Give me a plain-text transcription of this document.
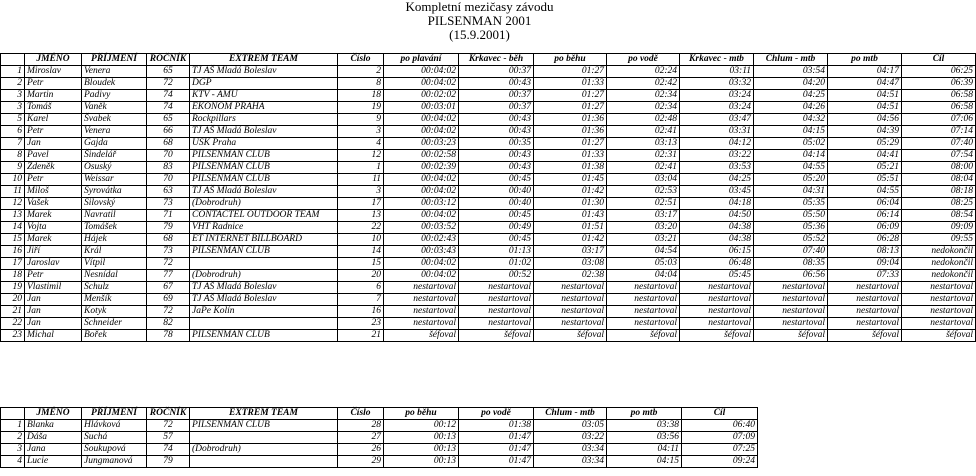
Kompletní mezičasy závodu
PILSENMAN 2001
(15.9.2001)
	JMÉNO	PŘÍJMENÍ	ROČNÍK	EXTREM TEAM	Číslo	po plavání	Krkavec - běh	po běhu	po vodě	Krkavec - mtb	Chlum - mtb	po mtb	Cíl
1	Miroslav	Venera	65	TJ AŠ Mladá Boleslav	2	00:04:02	00:37	01:27	02:24	03:11	03:54	04:17	06:25
2	Petr	Bloudek	72	DGP	8	00:04:02	00:43	01:33	02:42	03:32	04:20	04:47	06:39
3	Martin	Padivy	74	KTV - AMU	18	00:02:02	00:37	01:27	02:34	03:24	04:25	04:51	06:58
3	Tomáš	Vaněk	74	EKONOM PRAHA	19	00:03:01	00:37	01:27	02:34	03:24	04:26	04:51	06:58
5	Karel	Švabek	65	Rockpillars	9	00:04:02	00:43	01:36	02:48	03:47	04:32	04:56	07:06
6	Petr	Venera	66	TJ AŠ Mladá Boleslav	3	00:04:02	00:43	01:36	02:41	03:31	04:15	04:39	07:14
7	Jan	Gajda	68	USK Praha	4	00:03:23	00:35	01:27	03:13	04:12	05:02	05:29	07:40
8	Pavel	Šindelář	70	PILSENMAN CLUB	12	00:02:58	00:43	01:33	02:31	03:22	04:14	04:41	07:54
9	Zdeněk	Osuský	83	PILSENMAN CLUB	1	00:02:39	00:43	01:38	02:41	03:53	04:55	05:21	08:00
10	Petr	Weissar	70	PILSENMAN CLUB	11	00:04:02	00:45	01:45	03:04	04:25	05:20	05:51	08:04
11	Miloš	Syrovátka	63	TJ AŠ Mladá Boleslav	3	00:04:02	00:40	01:42	02:53	03:45	04:31	04:55	08:18
12	Vašek	Silovský	73	(Dobrodruh)	17	00:03:12	00:40	01:30	02:51	04:18	05:35	06:04	08:25
13	Marek	Navratil	71	CONTACTEL OUTDOOR TEAM	13	00:04:02	00:45	01:43	03:17	04:50	05:50	06:14	08:54
14	Vojta	Tomášek	79	VHT Radnice	22	00:03:52	00:49	01:51	03:20	04:38	05:36	06:09	09:09
15	Marek	Hájek	68	ET INTERNET BILLBOARD	10	00:02:43	00:45	01:42	03:21	04:38	05:52	06:28	09:55
16	Jiří	Král	73	PILSENMAN CLUB	14	00:03:43	01:13	03:17	04:54	06:15	07:40	08:13	nedokončil
17	Jaroslav	Vítpil	72		15	00:04:02	01:02	03:08	05:03	06:48	08:35	09:04	nedokončil
18	Petr	Nesnídal	77	(Dobrodruh)	20	00:04:02	00:52	02:38	04:04	05:45	06:56	07:33	nedokončil
19	Vlastimil	Schulz	67	TJ AŠ Mladá Boleslav	6	nestartoval	nestartoval	nestartoval	nestartoval	nestartoval	nestartoval	nestartoval	nestartoval
20	Jan	Menšík	69	TJ AŠ Mladá Boleslav	7	nestartoval	nestartoval	nestartoval	nestartoval	nestartoval	nestartoval	nestartoval	nestartoval
21	Jan	Kotyk	72	JaPe Kolín	16	nestartoval	nestartoval	nestartoval	nestartoval	nestartoval	nestartoval	nestartoval	nestartoval
22	Jan	Schneider	82		23	nestartoval	nestartoval	nestartoval	nestartoval	nestartoval	nestartoval	nestartoval	nestartoval
23	Michal	Bořek	78	PILSENMAN CLUB	21	šéfoval	šéfoval	šéfoval	šéfoval	šéfoval	šéfoval	šéfoval	šéfoval
	JMÉNO	PŘÍJMENÍ	ROČNÍK	EXTREM TEAM	Číslo	po běhu	po vodě	Chlum - mtb	po mtb	Cíl
1	Blanka	Hlávková	72	PILSENMAN CLUB	28	00:12	01:38	03:05	03:38	06:40
2	Dáša	Suchá	57		27	00:13	01:47	03:22	03:56	07:09
3	Jana	Soukupová	74	(Dobrodruh)	26	00:13	01:47	03:34	04:11	07:25
4	Lucie	Jungmanová	79		29	00:13	01:47	03:34	04:15	09:24
